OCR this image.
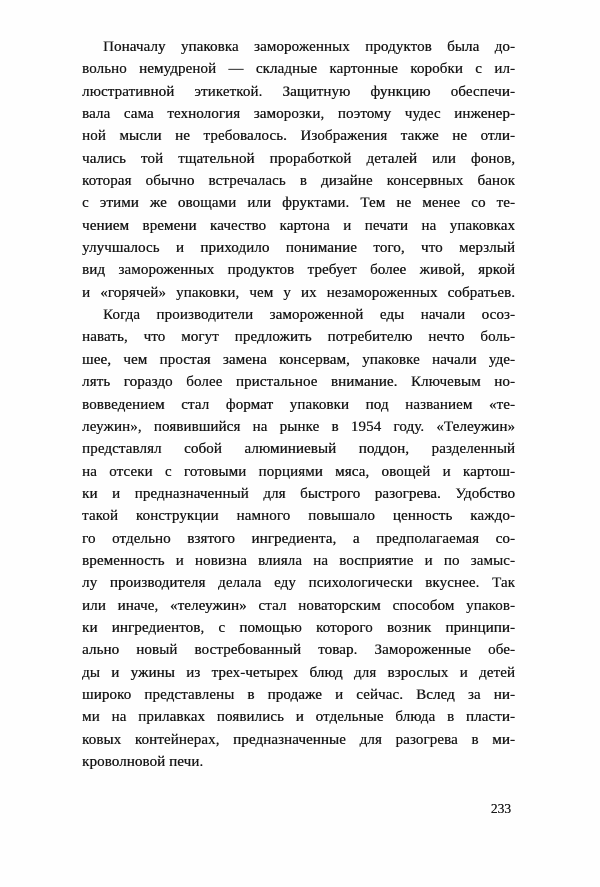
Поначалу упаковка замороженных продуктов была до-
вольно немудреной — складные картонные коробки с ил-
люстративной этикеткой. Защитную функцию обеспечи-
вала сама технология заморозки, поэтому чудес инженер-
ной мысли не требовалось. Изображения также не отли-
чались той тщательной проработкой деталей или фонов,
которая обычно встречалась в дизайне консервных банок
с этими же овощами или фруктами. Тем не менее со те-
чением времени качество картона и печати на упаковках
улучшалось и приходило понимание того, что мерзлый
вид замороженных продуктов требует более живой, яркой
и «горячей» упаковки, чем у их незамороженных собратьев.
Когда производители замороженной еды начали осоз-
навать, что могут предложить потребителю нечто боль-
шее, чем простая замена консервам, упаковке начали уде-
лять гораздо более пристальное внимание. Ключевым но-
вовведением стал формат упаковки под названием «те-
леужин», появившийся на рынке в 1954 году. «Телеужин»
представлял собой алюминиевый поддон, разделенный
на отсеки с готовыми порциями мяса, овощей и картош-
ки и предназначенный для быстрого разогрева. Удобство
такой конструкции намного повышало ценность каждо-
го отдельно взятого ингредиента, а предполагаемая со-
временность и новизна влияла на восприятие и по замыс-
лу производителя делала еду психологически вкуснее. Так
или иначе, «телеужин» стал новаторским способом упаков-
ки ингредиентов, с помощью которого возник принципи-
ально новый востребованный товар. Замороженные обе-
ды и ужины из трех-четырех блюд для взрослых и детей
широко представлены в продаже и сейчас. Вслед за ни-
ми на прилавках появились и отдельные блюда в пласти-
ковых контейнерах, предназначенные для разогрева в ми-
кроволновой печи.
233
